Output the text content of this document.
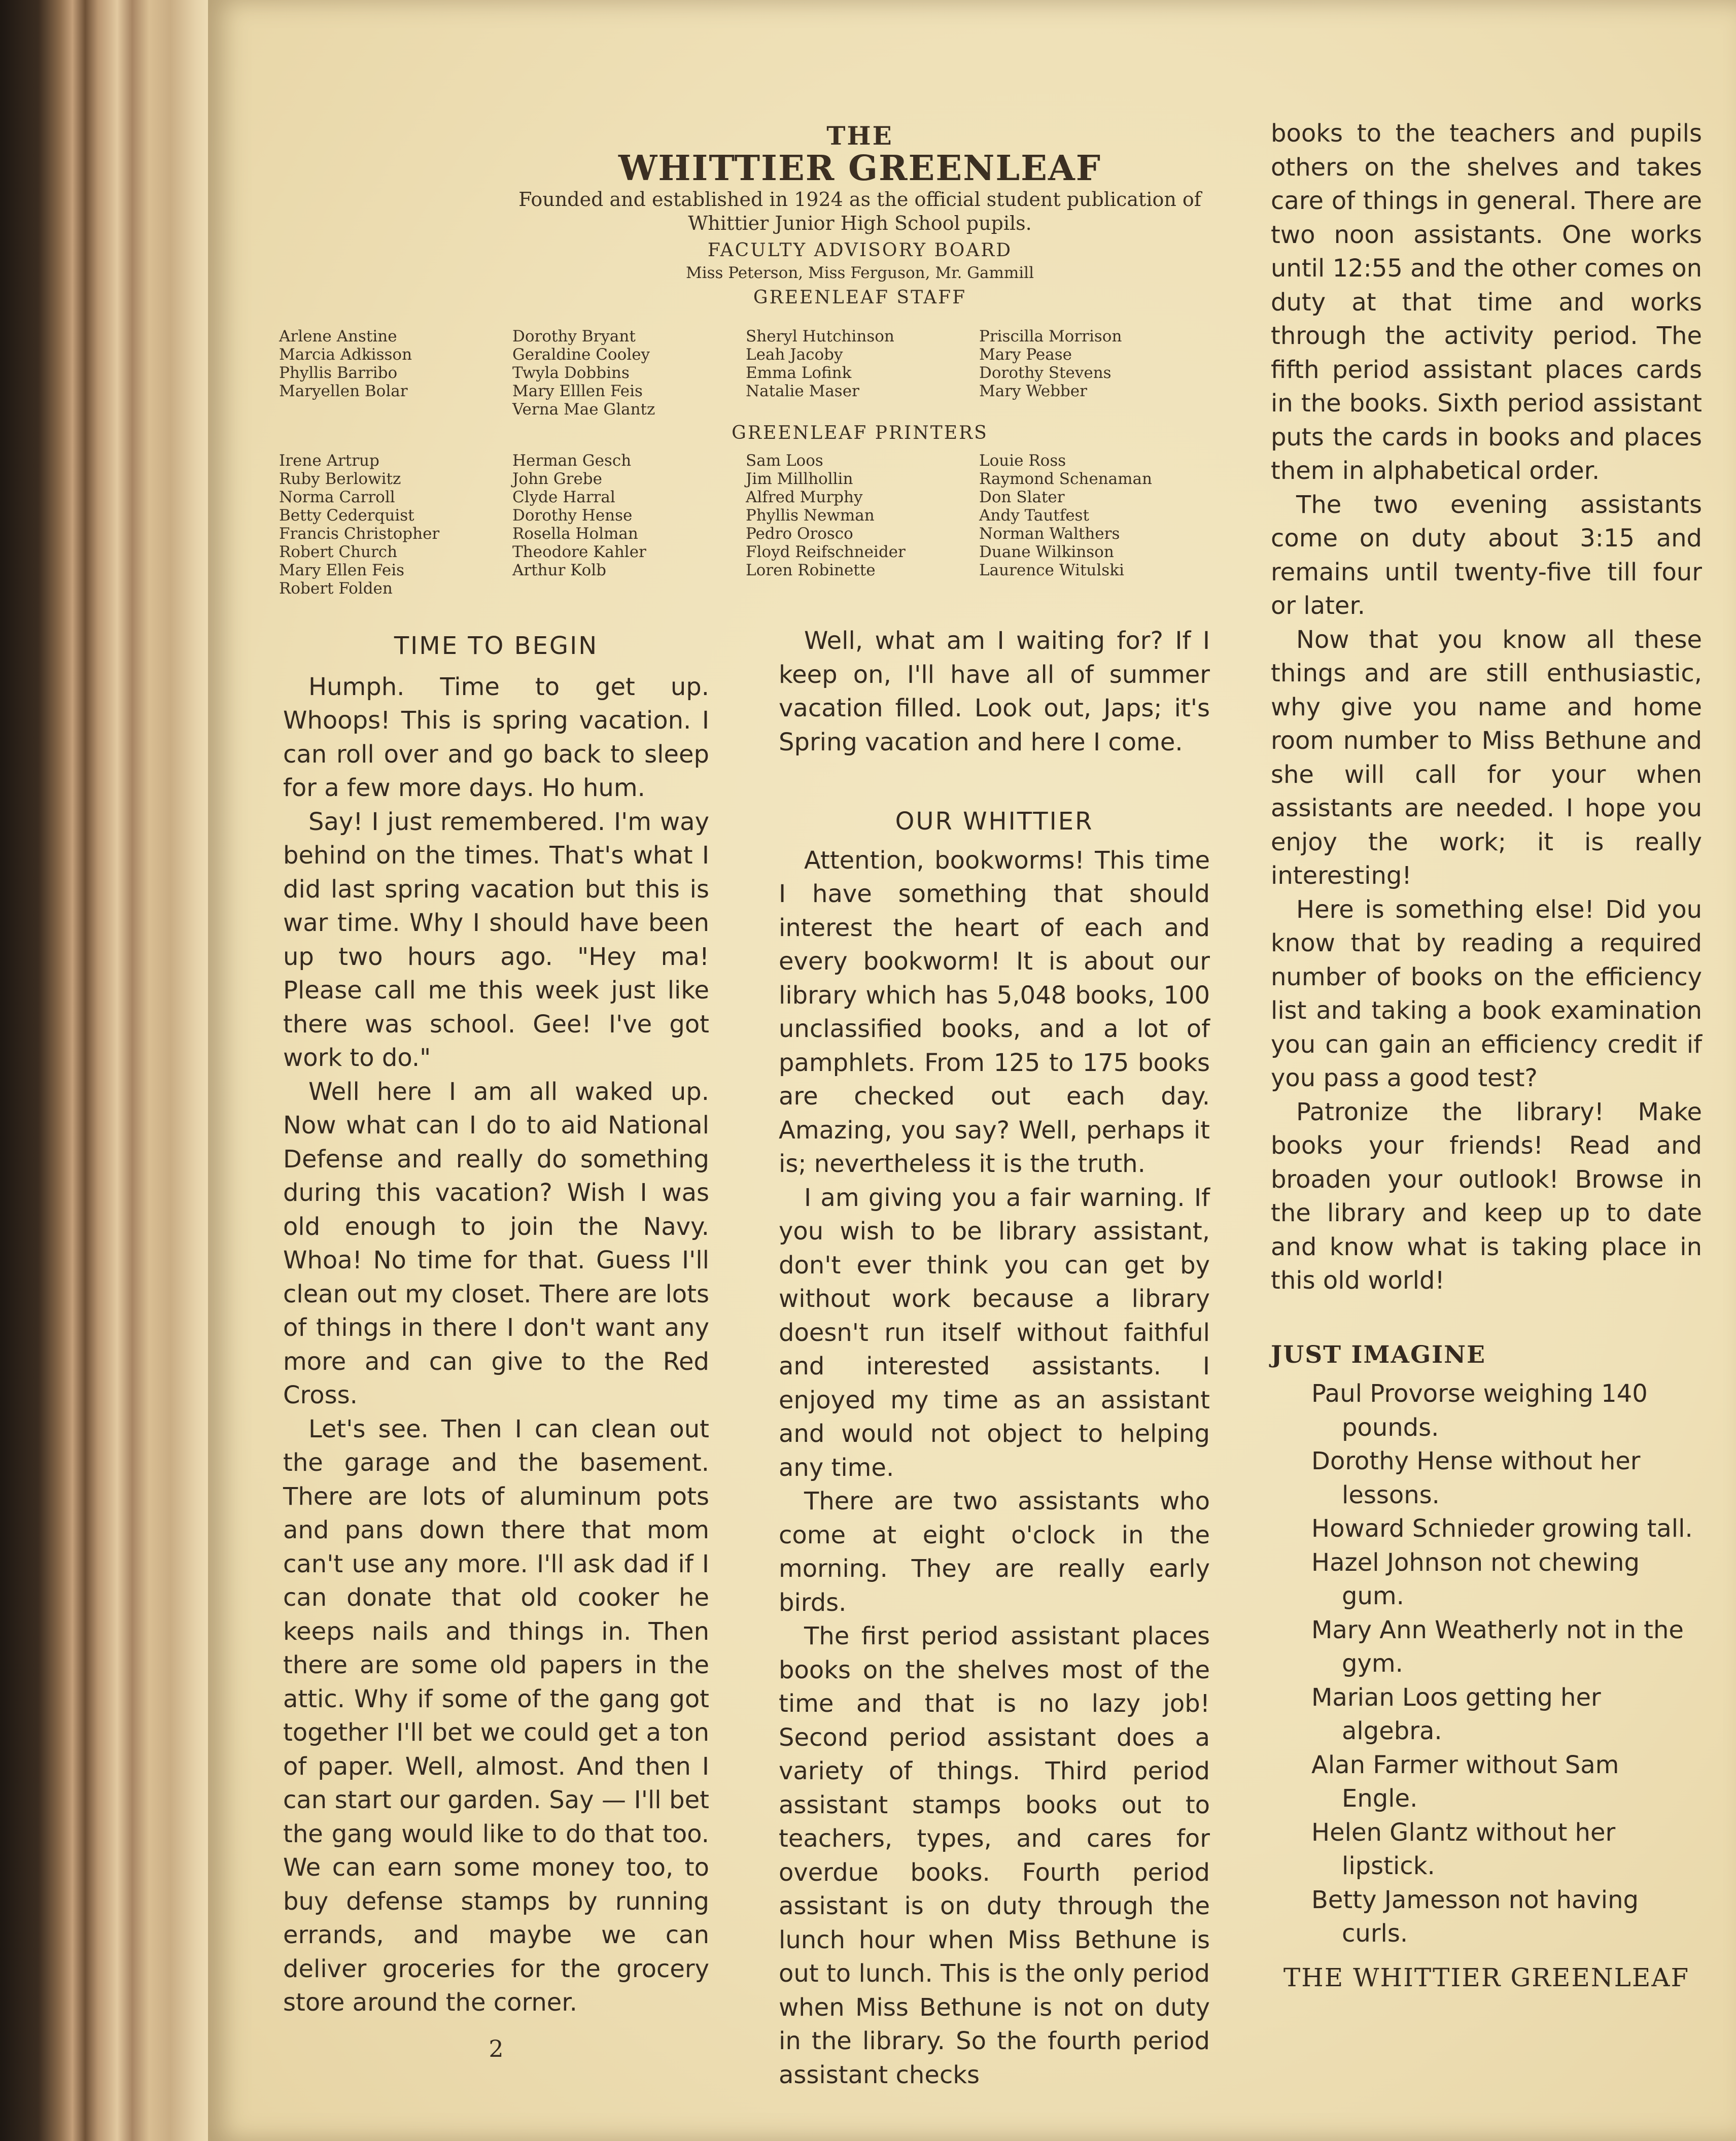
THE
WHITTIER GREENLEAF
Founded and established in 1924 as the official student publication of
Whittier Junior High School pupils.
FACULTY ADVISORY BOARD
Miss Peterson, Miss Ferguson, Mr. Gammill
GREENLEAF STAFF
Arlene Anstine
Marcia Adkisson
Phyllis Barribo
Maryellen Bolar
Dorothy Bryant
Geraldine Cooley
Twyla Dobbins
Mary Elllen Feis
Verna Mae Glantz
Sheryl Hutchinson
Leah Jacoby
Emma Lofink
Natalie Maser
Priscilla Morrison
Mary Pease
Dorothy Stevens
Mary Webber
GREENLEAF PRINTERS
Irene Artrup
Ruby Berlowitz
Norma Carroll
Betty Cederquist
Francis Christopher
Robert Church
Mary Ellen Feis
Robert Folden
Herman Gesch
John Grebe
Clyde Harral
Dorothy Hense
Rosella Holman
Theodore Kahler
Arthur Kolb
Sam Loos
Jim Millhollin
Alfred Murphy
Phyllis Newman
Pedro Orosco
Floyd Reifschneider
Loren Robinette
Louie Ross
Raymond Schenaman
Don Slater
Andy Tautfest
Norman Walthers
Duane Wilkinson
Laurence Witulski

TIME TO BEGIN

Humph. Time to get up. Whoops! This is spring vacation. I can roll over and go back to sleep for a few more days. Ho hum.

Say! I just remembered. I'm way behind on the times. That's what I did last spring vacation but this is war time. Why I should have been up two hours ago. "Hey ma! Please call me this week just like there was school. Gee! I've got work to do."

Well here I am all waked up. Now what can I do to aid National Defense and really do something during this vacation? Wish I was old enough to join the Navy. Whoa! No time for that. Guess I'll clean out my closet. There are lots of things in there I don't want any more and can give to the Red Cross.

Let's see. Then I can clean out the garage and the basement. There are lots of aluminum pots and pans down there that mom can't use any more. I'll ask dad if I can donate that old cooker he keeps nails and things in. Then there are some old papers in the attic. Why if some of the gang got together I'll bet we could get a ton of paper. Well, almost. And then I can start our garden. Say — I'll bet the gang would like to do that too. We can earn some money too, to buy defense stamps by running errands, and maybe we can deliver groceries for the grocery store around the corner.

2

Well, what am I waiting for? If I keep on, I'll have all of summer vacation filled. Look out, Japs; it's Spring vacation and here I come.

OUR WHITTIER

Attention, bookworms! This time I have something that should interest the heart of each and every bookworm! It is about our library which has 5,048 books, 100 unclassified books, and a lot of pamphlets. From 125 to 175 books are checked out each day. Amazing, you say? Well, perhaps it is; nevertheless it is the truth.

I am giving you a fair warning. If you wish to be library assistant, don't ever think you can get by without work because a library doesn't run itself without faithful and interested assistants. I enjoyed my time as an assistant and would not object to helping any time.

There are two assistants who come at eight o'clock in the morning. They are really early birds.

The first period assistant places books on the shelves most of the time and that is no lazy job! Second period assistant does a variety of things. Third period assistant stamps books out to teachers, types, and cares for overdue books. Fourth period assistant is on duty through the lunch hour when Miss Bethune is out to lunch. This is the only period when Miss Bethune is not on duty in the library. So the fourth period assistant checks

books to the teachers and pupils others on the shelves and takes care of things in general. There are two noon assistants. One works until 12:55 and the other comes on duty at that time and works through the activity period. The fifth period assistant places cards in the books. Sixth period assistant puts the cards in books and places them in alphabetical order.

The two evening assistants come on duty about 3:15 and remains until twenty-five till four or later.

Now that you know all these things and are still enthusiastic, why give you name and home room number to Miss Bethune and she will call for your when assistants are needed. I hope you enjoy the work; it is really interesting!

Here is something else! Did you know that by reading a required number of books on the efficiency list and taking a book examination you can gain an efficiency credit if you pass a good test?

Patronize the library! Make books your friends! Read and broaden your outlook! Browse in the library and keep up to date and know what is taking place in this old world!

JUST IMAGINE

Paul Provorse weighing 140 pounds.

Dorothy Hense without her lessons.

Howard Schnieder growing tall.

Hazel Johnson not chewing gum.

Mary Ann Weatherly not in the gym.

Marian Loos getting her algebra.

Alan Farmer without Sam Engle.

Helen Glantz without her lipstick.

Betty Jamesson not having curls.

THE WHITTIER GREENLEAF
